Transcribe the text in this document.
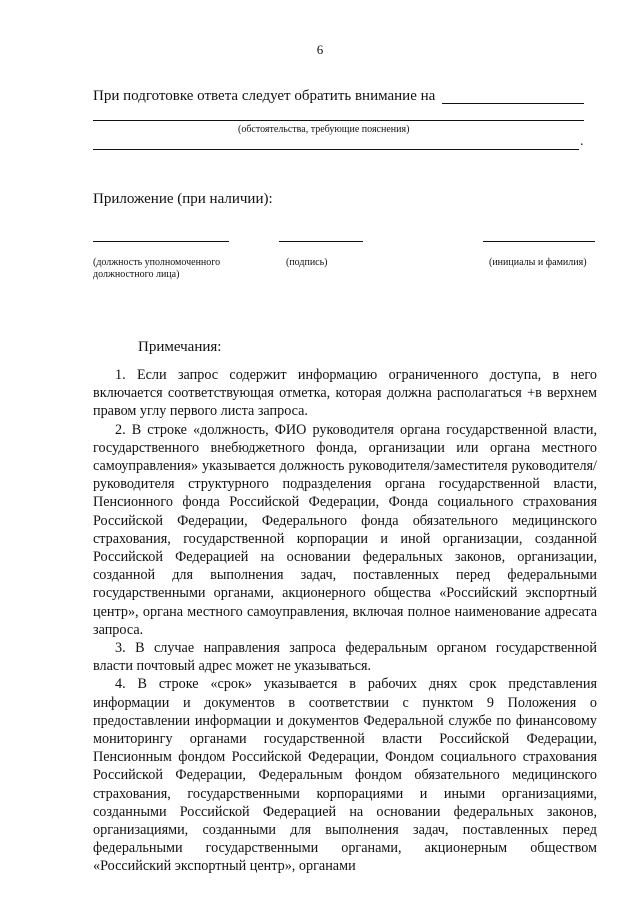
6
При подготовке ответа следует обратить внимание на
(обстоятельства, требующие пояснения)
.
Приложение (при наличии):
(должность уполномоченного должностного лица)
(подпись)	(инициалы и фамилия)
Примечания:

1. Если запрос содержит информацию ограниченного доступа, в него включается соответствующая отметка, которая должна располагаться +в верхнем правом углу первого листа запроса.

2. В строке «должность, ФИО руководителя органа государственной власти, государственного внебюджетного фонда, организации или органа местного самоуправления» указывается должность руководителя/заместителя руководителя/руководителя структурного подразделения органа государственной власти, Пенсионного фонда Российской Федерации, Фонда социального страхования Российской Федерации, Федерального фонда обязательного медицинского страхования, государственной корпорации и иной организации, созданной Российской Федерацией на основании федеральных законов, организации, созданной для выполнения задач, поставленных перед федеральными государственными органами, акционерного общества «Российский экспортный центр», органа местного самоуправления, включая полное наименование адресата запроса.

3. В случае направления запроса федеральным органом государственной власти почтовый адрес может не указываться.

4. В строке «срок» указывается в рабочих днях срок представления информации и документов в соответствии с пунктом 9 Положения о предоставлении информации и документов Федеральной службе по финансовому мониторингу органами государственной власти Российской Федерации, Пенсионным фондом Российской Федерации, Фондом социального страхования Российской Федерации, Федеральным фондом обязательного медицинского страхования, государственными корпорациями и иными организациями, созданными Российской Федерацией на основании федеральных законов, организациями, созданными для выполнения задач, поставленных перед федеральными государственными органами, акционерным обществом «Российский экспортный центр», органами
